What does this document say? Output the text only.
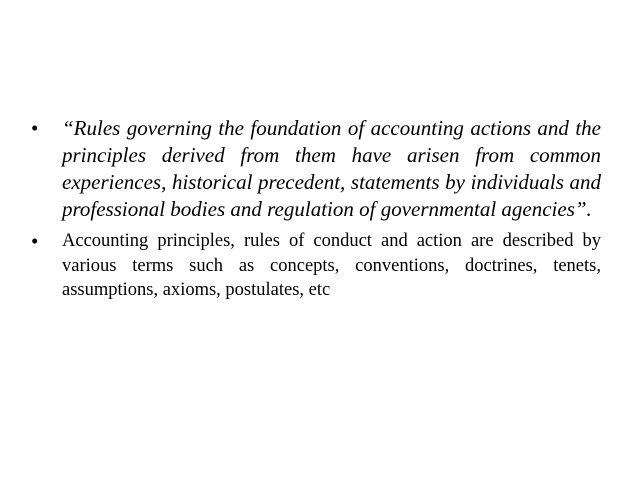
• “Rules governing the foundation of accounting actions and the principles derived from them have arisen from common experiences, historical precedent, statements by individuals and professional bodies and regulation of governmental agencies”.
• Accounting principles, rules of conduct and action are described by various terms such as concepts, conventions, doctrines, tenets, assumptions, axioms, postulates, etc
